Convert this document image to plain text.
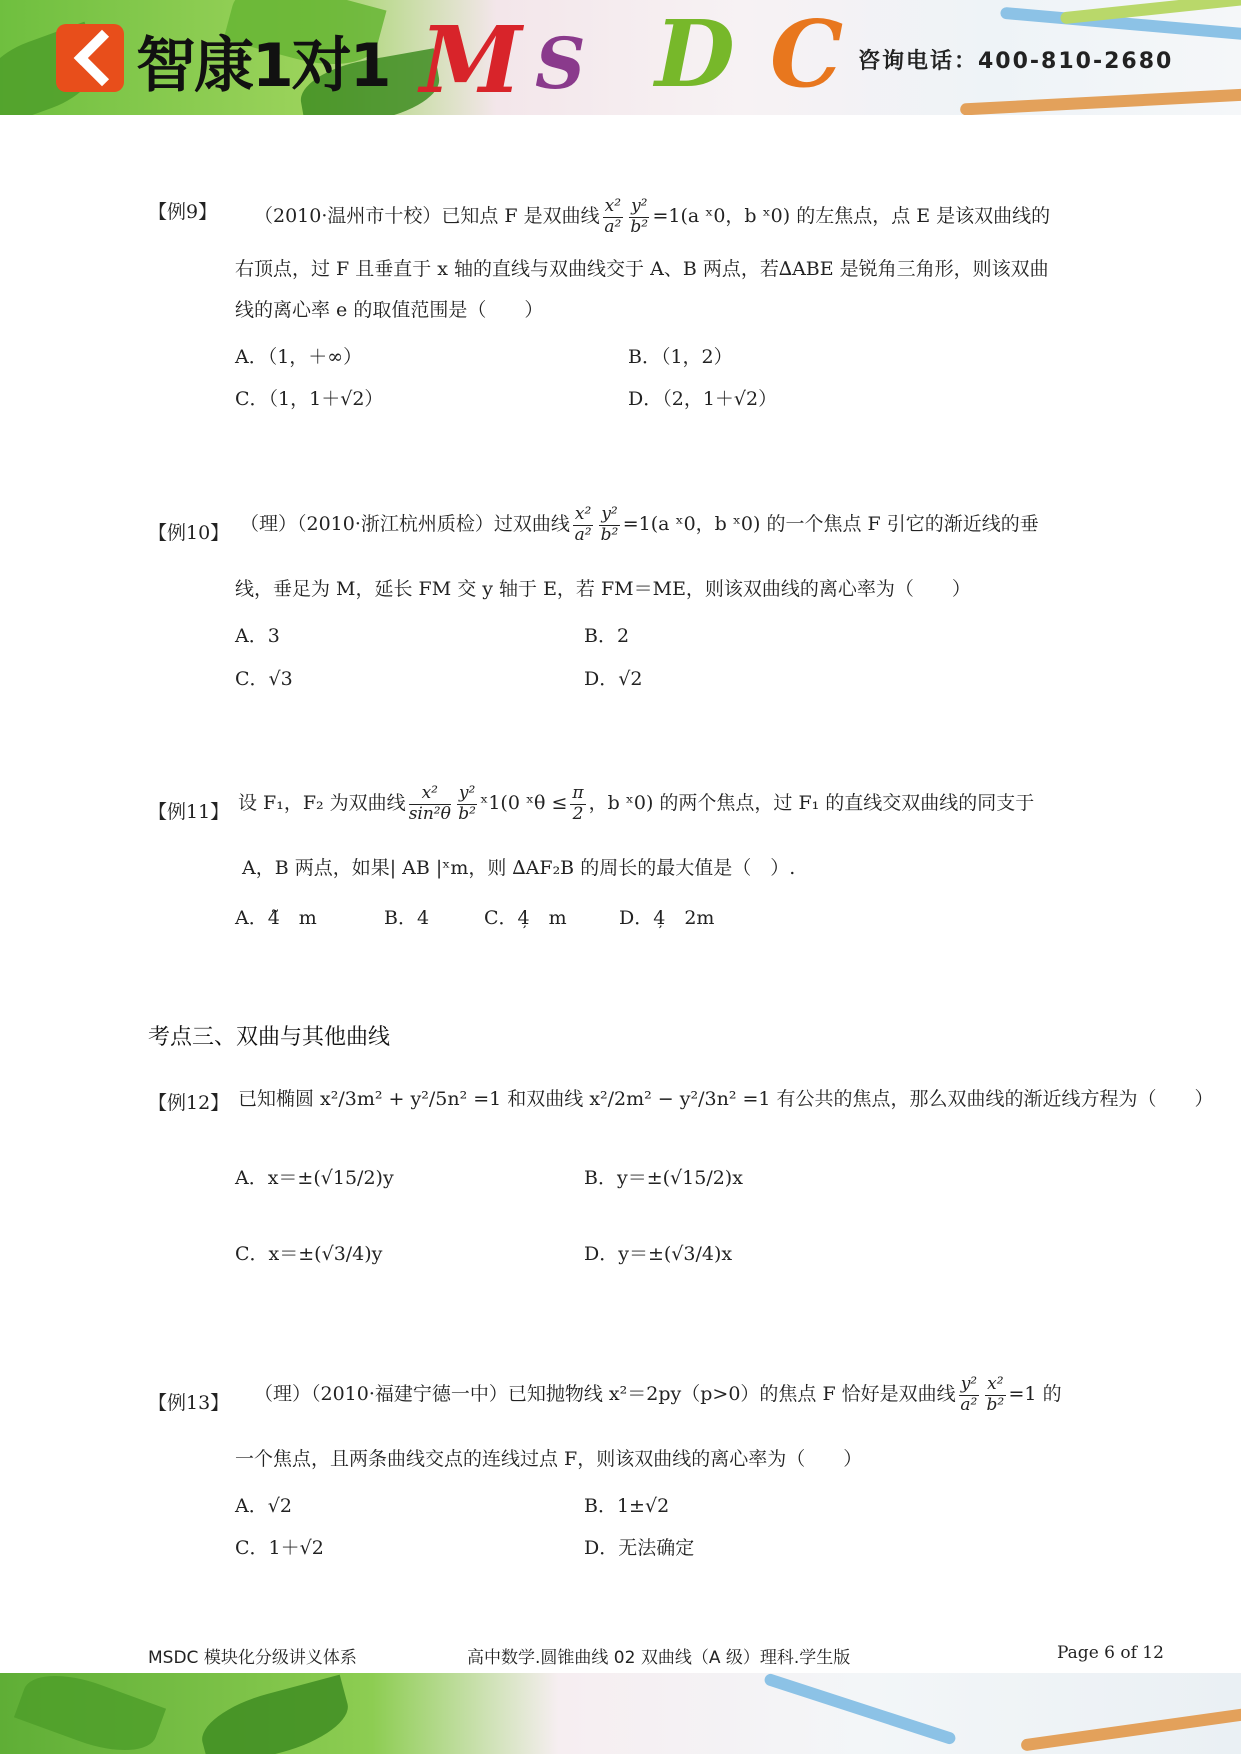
智康1对1 M S D C 咨询电话：400-810-2680
【例9】 （2010·温州市十校）已知点 F 是双曲线 $\frac{\text{x²}}{\text{a²}} \frac{\text{y²}}{\text{b²}} =1(a$ ˣ0，b ˣ0) 的左焦点，点 E 是该双曲线的
右顶点，过 F 且垂直于 x 轴的直线与双曲线交于 A、B 两点，若∆ABE 是锐角三角形，则该双曲
线的离心率 e 的取值范围是（　　）
A．（1，＋∞）	B．（1，2）
C．（1，1＋√2）	D．（2，1＋√2）
【例10】 （理）（2010·浙江杭州质检）过双曲线 $\frac{\text{x²}}{\text{a²}} \frac{\text{y²}}{\text{b²}} =1(a$ ˣ0，b ˣ0) 的一个焦点 F 引它的渐近线的垂
线，垂足为 M，延长 FM 交 y 轴于 E，若 FM＝ME，则该双曲线的离心率为（　　）
A．3	B．2
C．√3	D．√2
【例11】 设 F₁，F₂ 为双曲线 $\frac{\text{x²}}{\text{sin²θ}} \frac{\text{y²}}{\text{b²}}$ ˣ1(0 ˣθ ≤ $\frac{\pi}{2}$ ，b ˣ0) 的两个焦点，过 F₁ 的直线交双曲线的同支于
A，B 两点，如果| AB |ˣm，则 ∆AF₂B 的周长的最大值是（　）.
A．4̃　m	B．4	C．4̦　m	D．4̦　2m
考点三、双曲与其他曲线
【例12】 已知椭圆 x²/3m² + y²/5n² =1 和双曲线 x²/2m² − y²/3n² =1 有公共的焦点，那么双曲线的渐近线方程为（　　）
A．x＝±(√15/2)y	B．y＝±(√15/2)x
C．x＝±(√3/4)y	D．y＝±(√3/4)x
【例13】 （理）（2010·福建宁德一中）已知抛物线 x²＝2py（p>0）的焦点 F 恰好是双曲线 $\frac{\text{y²}}{\text{a²}} \frac{\text{x²}}{\text{b²}} =1$ 的
一个焦点，且两条曲线交点的连线过点 F，则该双曲线的离心率为（　　）
A．√2	B．1±√2
C．1＋√2	D．无法确定
MSDC 模块化分级讲义体系	高中数学.圆锥曲线 02 双曲线（A 级）理科.学生版	Page 6 of 12
